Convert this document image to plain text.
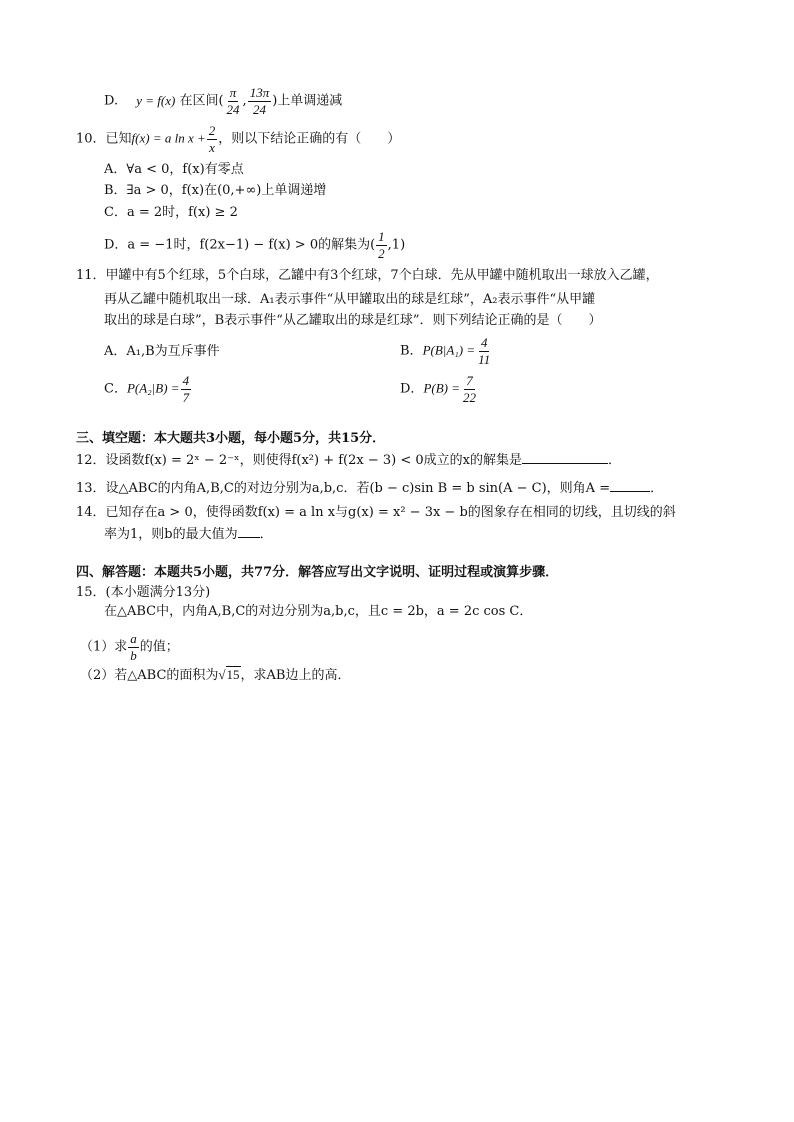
D. y = f(x) 在区间( $\frac{\pi}{24}$ , $\frac{13\pi}{24}$ )上单调递减
10．已知f(x) = a $\ln x + \frac{2}{x}$ ，则以下结论正确的有（　　）
A．∀a < 0，f(x)有零点
B．∃a > 0，f(x)在(0,+∞)上单调递增
C．a = 2时，f(x) ≥ 2
D．a = −1时，f(2x−1) − f(x) > 0的解集为( $\frac{1}{2} ,1$)
11．甲罐中有5个红球，5个白球，乙罐中有3个红球，7个白球．先从甲罐中随机取出一球放入乙罐，
再从乙罐中随机取出一球．A₁表示事件“从甲罐取出的球是红球”，A₂表示事件“从甲罐
取出的球是白球”，B表示事件“从乙罐取出的球是红球”．则下列结论正确的是（　　）
A．A₁,B为互斥事件	B．$P(B|A_1) = \frac{4}{11}$
C．$P(A_2|B) = \frac{4}{7}$	D．$P(B) = \frac{7}{22}$
三、填空题：本大题共3小题，每小题5分，共15分．
12．设函数f(x) = 2ˣ − 2⁻ˣ，则使得f(x²) + f(2x − 3) < 0成立的x的解集是	．
13．设△ABC的内角A,B,C的对边分别为a,b,c．若(b − c)sin B = b sin(A − C)，则角A =	．
14．已知存在a > 0，使得函数f(x) = a ln x与g(x) = x² − 3x − b的图象存在相同的切线，且切线的斜
率为1，则b的最大值为 ．
四、解答题：本题共5小题，共77分．解答应写出文字说明、证明过程或演算步骤．
15．(本小题满分13分)
在△ABC中，内角A,B,C的对边分别为a,b,c，且c = 2b，a = 2c cos C．
（1）求 $\frac{a}{b}$ 的值；
（2）若△ABC的面积为√15，求AB边上的高．
